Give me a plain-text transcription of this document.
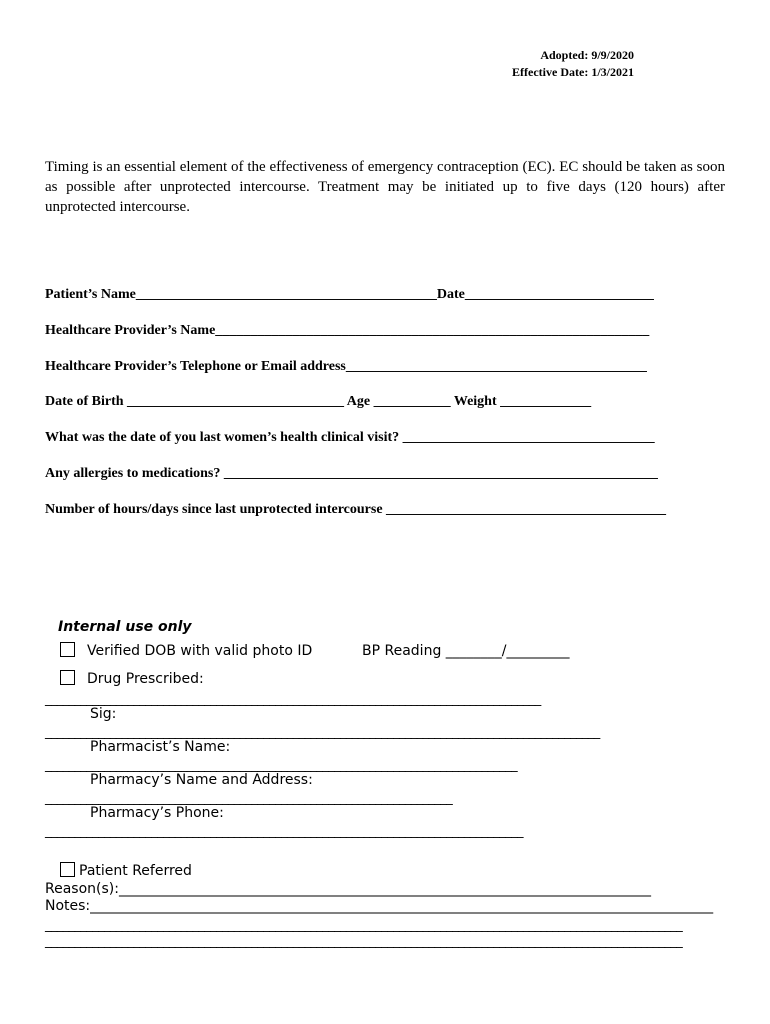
Adopted: 9/9/2020
Effective Date: 1/3/2021
Timing is an essential element of the effectiveness of emergency contraception (EC). EC should be taken as soon as possible after unprotected intercourse. Treatment may be initiated up to five days (120 hours) after unprotected intercourse.
Patient’s Name___________________________________________Date___________________________
Healthcare Provider’s Name______________________________________________________________
Healthcare Provider’s Telephone or Email address___________________________________________
Date of Birth _______________________________ Age ___________ Weight _____________
What was the date of you last women’s health clinical visit? ____________________________________
Any allergies to medications? ______________________________________________________________
Number of hours/days since last unprotected intercourse ________________________________________
Internal use only
Verified DOB with valid photo ID	BP Reading ________/_________
Drug Prescribed:
____________________________________________________________________________________
Sig:
______________________________________________________________________________________________
Pharmacist’s Name:
________________________________________________________________________________
Pharmacy’s Name and Address:
_____________________________________________________________________
Pharmacy’s Phone:
_________________________________________________________________________________
Patient Referred
Reason(s):____________________________________________________________________________
Notes:_________________________________________________________________________________________
____________________________________________________________________________________________________________
____________________________________________________________________________________________________________
